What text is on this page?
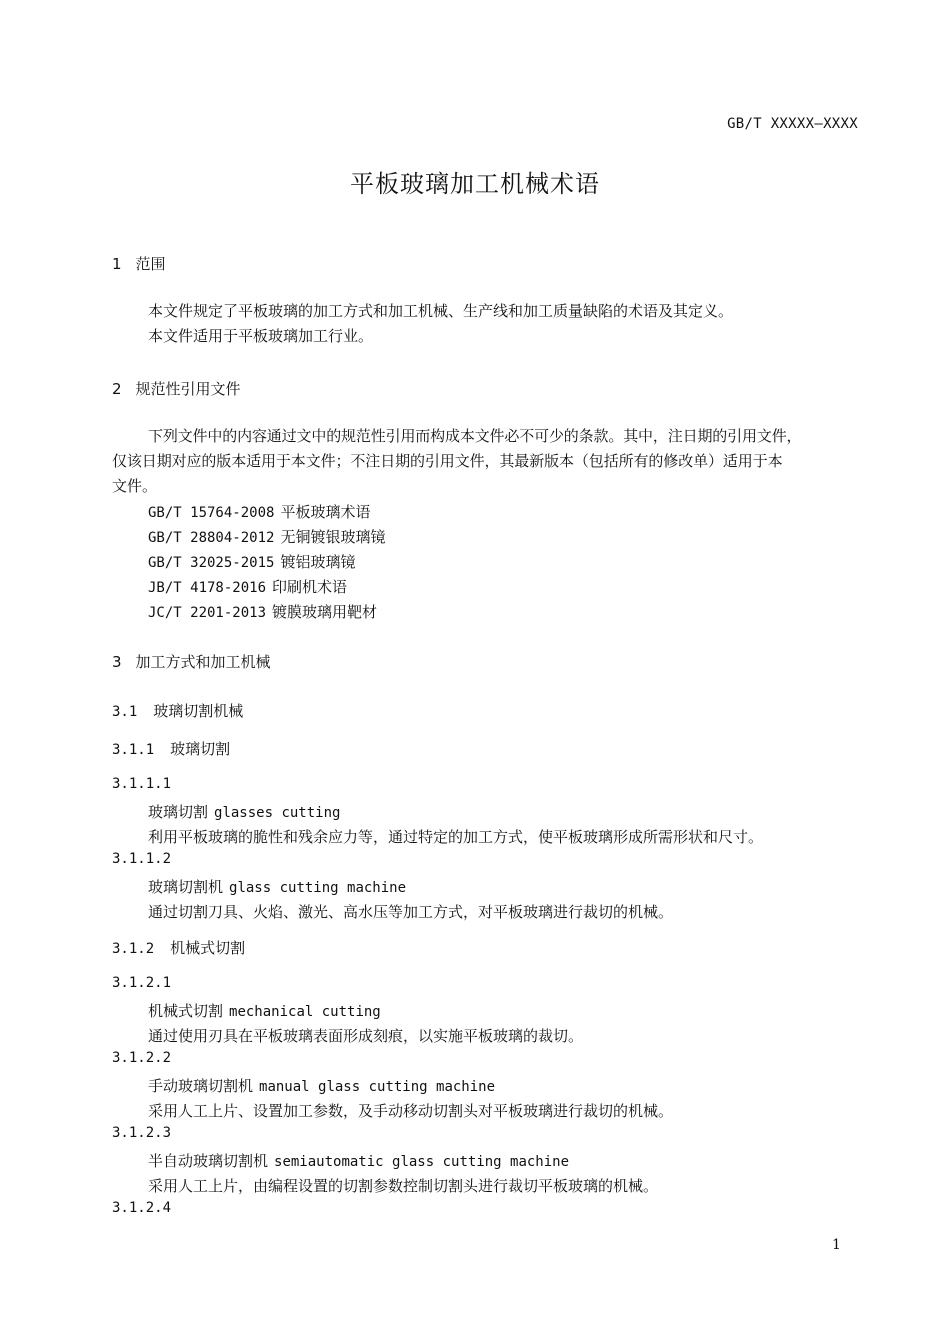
GB/T XXXXX—XXXX
平板玻璃加工机械术语
1 范围
本文件规定了平板玻璃的加工方式和加工机械、生产线和加工质量缺陷的术语及其定义。
本文件适用于平板玻璃加工行业。
2 规范性引用文件
下列文件中的内容通过文中的规范性引用而构成本文件必不可少的条款。其中，注日期的引用文件，
仅该日期对应的版本适用于本文件；不注日期的引用文件，其最新版本（包括所有的修改单）适用于本
文件。
GB/T 15764-2008 平板玻璃术语
GB/T 28804-2012 无铜镀银玻璃镜
GB/T 32025-2015 镀铝玻璃镜
JB/T 4178-2016 印刷机术语
JC/T 2201-2013 镀膜玻璃用靶材
3 加工方式和加工机械
3.1 玻璃切割机械
3.1.1 玻璃切割
3.1.1.1
玻璃切割 glasses cutting
利用平板玻璃的脆性和残余应力等，通过特定的加工方式，使平板玻璃形成所需形状和尺寸。
3.1.1.2
玻璃切割机 glass cutting machine
通过切割刀具、火焰、激光、高水压等加工方式，对平板玻璃进行裁切的机械。
3.1.2 机械式切割
3.1.2.1
机械式切割 mechanical cutting
通过使用刃具在平板玻璃表面形成刻痕，以实施平板玻璃的裁切。
3.1.2.2
手动玻璃切割机 manual glass cutting machine
采用人工上片、设置加工参数，及手动移动切割头对平板玻璃进行裁切的机械。
3.1.2.3
半自动玻璃切割机 semiautomatic glass cutting machine
采用人工上片，由编程设置的切割参数控制切割头进行裁切平板玻璃的机械。
3.1.2.4
1
